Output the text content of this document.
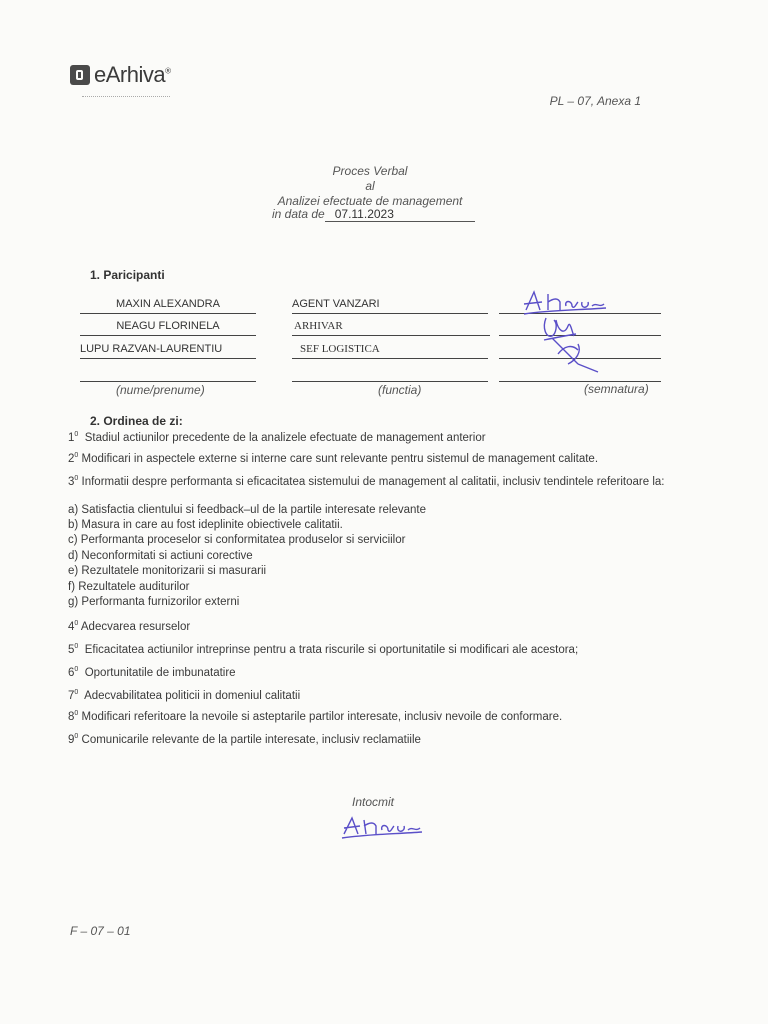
eArhiva®
PL – 07, Anexa 1
Proces Verbal
al
Analizei efectuate de management
in data de 07.11.2023
1. Paricipanti
MAXIN ALEXANDRA	AGENT VANZARI
NEAGU FLORINELA	ARHIVAR
LUPU RAZVAN-LAURENTIU	SEF LOGISTICA
(nume/prenume)	(functia)	(semnatura)
2. Ordinea de zi:
$1^0$ Stadiul actiunilor precedente de la analizele efectuate de management anterior
$2^0$ Modificari in aspectele externe si interne care sunt relevante pentru sistemul de management calitate.
$3^0$ Informatii despre performanta si eficacitatea sistemului de management al calitatii, inclusiv tendintele referitoare la:
a) Satisfactia clientului si feedback–ul de la partile interesate relevante
b) Masura in care au fost ideplinite obiectivele calitatii.
c) Performanta proceselor si conformitatea produselor si serviciilor
d) Neconformitati si actiuni corective
e) Rezultatele monitorizarii si masurarii
f) Rezultatele auditurilor
g) Performanta furnizorilor externi
$4^0$ Adecvarea resurselor
$5^0$ Eficacitatea actiunilor intreprinse pentru a trata riscurile si oportunitatile si modificari ale acestora;
$6^0$ Oportunitatile de imbunatatire
$7^0$ Adecvabilitatea politicii in domeniul calitatii
$8^0$ Modificari referitoare la nevoile si asteptarile partilor interesate, inclusiv nevoile de conformare.
$9^0$ Comunicarile relevante de la partile interesate, inclusiv reclamatiile
Intocmit
F – 07 – 01
